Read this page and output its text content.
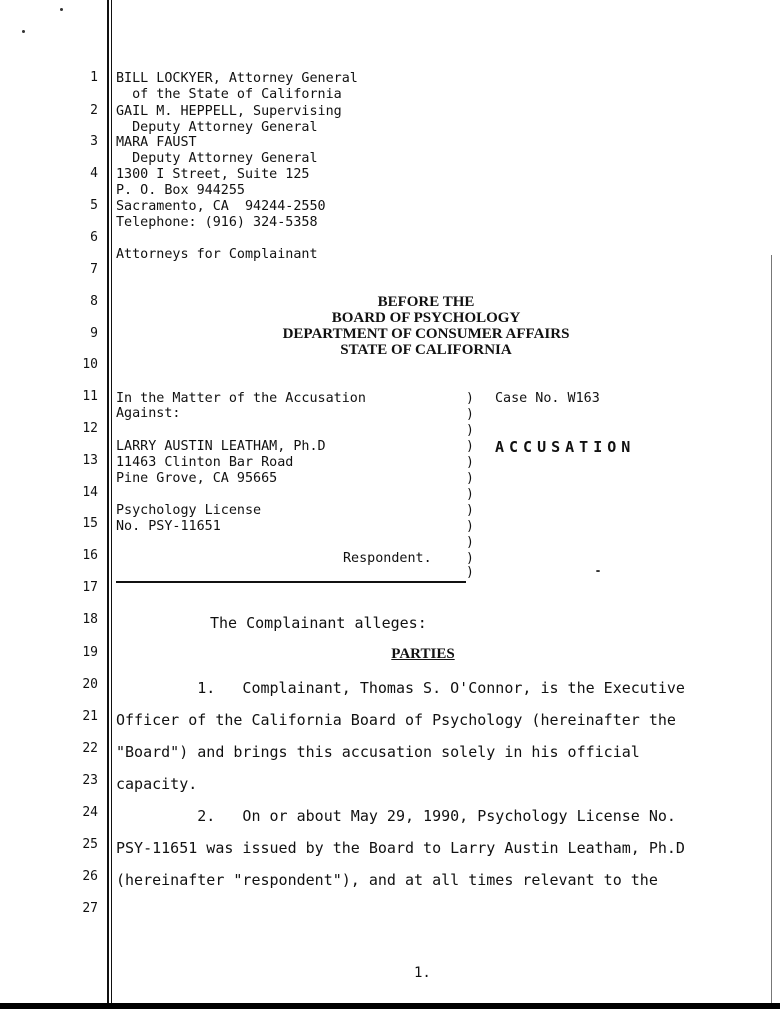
1
2
3
4
5
6
7
8
9
10
11
12
13
14
15
16
17
18
19
20
21
22
23
24
25
26
27
BILL LOCKYER, Attorney General
of the State of California
GAIL M. HEPPELL, Supervising
Deputy Attorney General
MARA FAUST
Deputy Attorney General
1300 I Street, Suite 125
P. O. Box 944255
Sacramento, CA  94244-2550
Telephone: (916) 324-5358
Attorneys for Complainant
BEFORE THE
BOARD OF PSYCHOLOGY
DEPARTMENT OF CONSUMER AFFAIRS
STATE OF CALIFORNIA
In the Matter of the Accusation
Against:
LARRY AUSTIN LEATHAM, Ph.D
11463 Clinton Bar Road
Pine Grove, CA 95665
Psychology License
No. PSY-11651
Respondent.
)
)
)
)
)
)
)
)
)
)
)
)
Case No. W163
ACCUSATION
The Complainant alleges:
PARTIES
1.   Complainant, Thomas S. O'Connor, is the Executive
Officer of the California Board of Psychology (hereinafter the
"Board") and brings this accusation solely in his official
capacity.
2.   On or about May 29, 1990, Psychology License No.
PSY-11651 was issued by the Board to Larry Austin Leatham, Ph.D
(hereinafter "respondent"), and at all times relevant to the
1.
